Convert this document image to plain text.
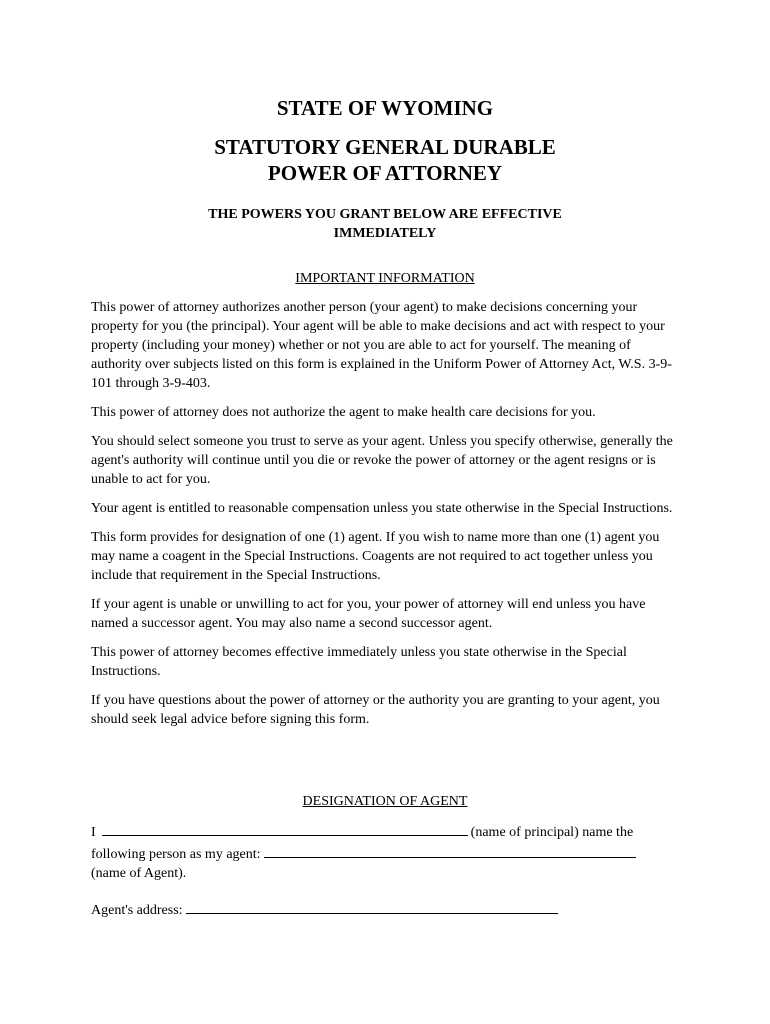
STATE OF WYOMING
STATUTORY GENERAL DURABLE
POWER OF ATTORNEY
THE POWERS YOU GRANT BELOW ARE EFFECTIVE
IMMEDIATELY
IMPORTANT INFORMATION

This power of attorney authorizes another person (your agent) to make decisions concerning your property for you (the principal). Your agent will be able to make decisions and act with respect to your property (including your money) whether or not you are able to act for yourself. The meaning of authority over subjects listed on this form is explained in the Uniform Power of Attorney Act, W.S. 3-9-101 through 3-9-403.

This power of attorney does not authorize the agent to make health care decisions for you.

You should select someone you trust to serve as your agent. Unless you specify otherwise, generally the agent's authority will continue until you die or revoke the power of attorney or the agent resigns or is unable to act for you.

Your agent is entitled to reasonable compensation unless you state otherwise in the Special Instructions.

This form provides for designation of one (1) agent. If you wish to name more than one (1) agent you may name a coagent in the Special Instructions. Coagents are not required to act together unless you include that requirement in the Special Instructions.

If your agent is unable or unwilling to act for you, your power of attorney will end unless you have named a successor agent. You may also name a second successor agent.

This power of attorney becomes effective immediately unless you state otherwise in the Special Instructions.

If you have questions about the power of attorney or the authority you are granting to your agent, you should seek legal advice before signing this form.

DESIGNATION OF AGENT
I	(name of principal) name the
following person as my agent:
(name of Agent).
Agent's address:
